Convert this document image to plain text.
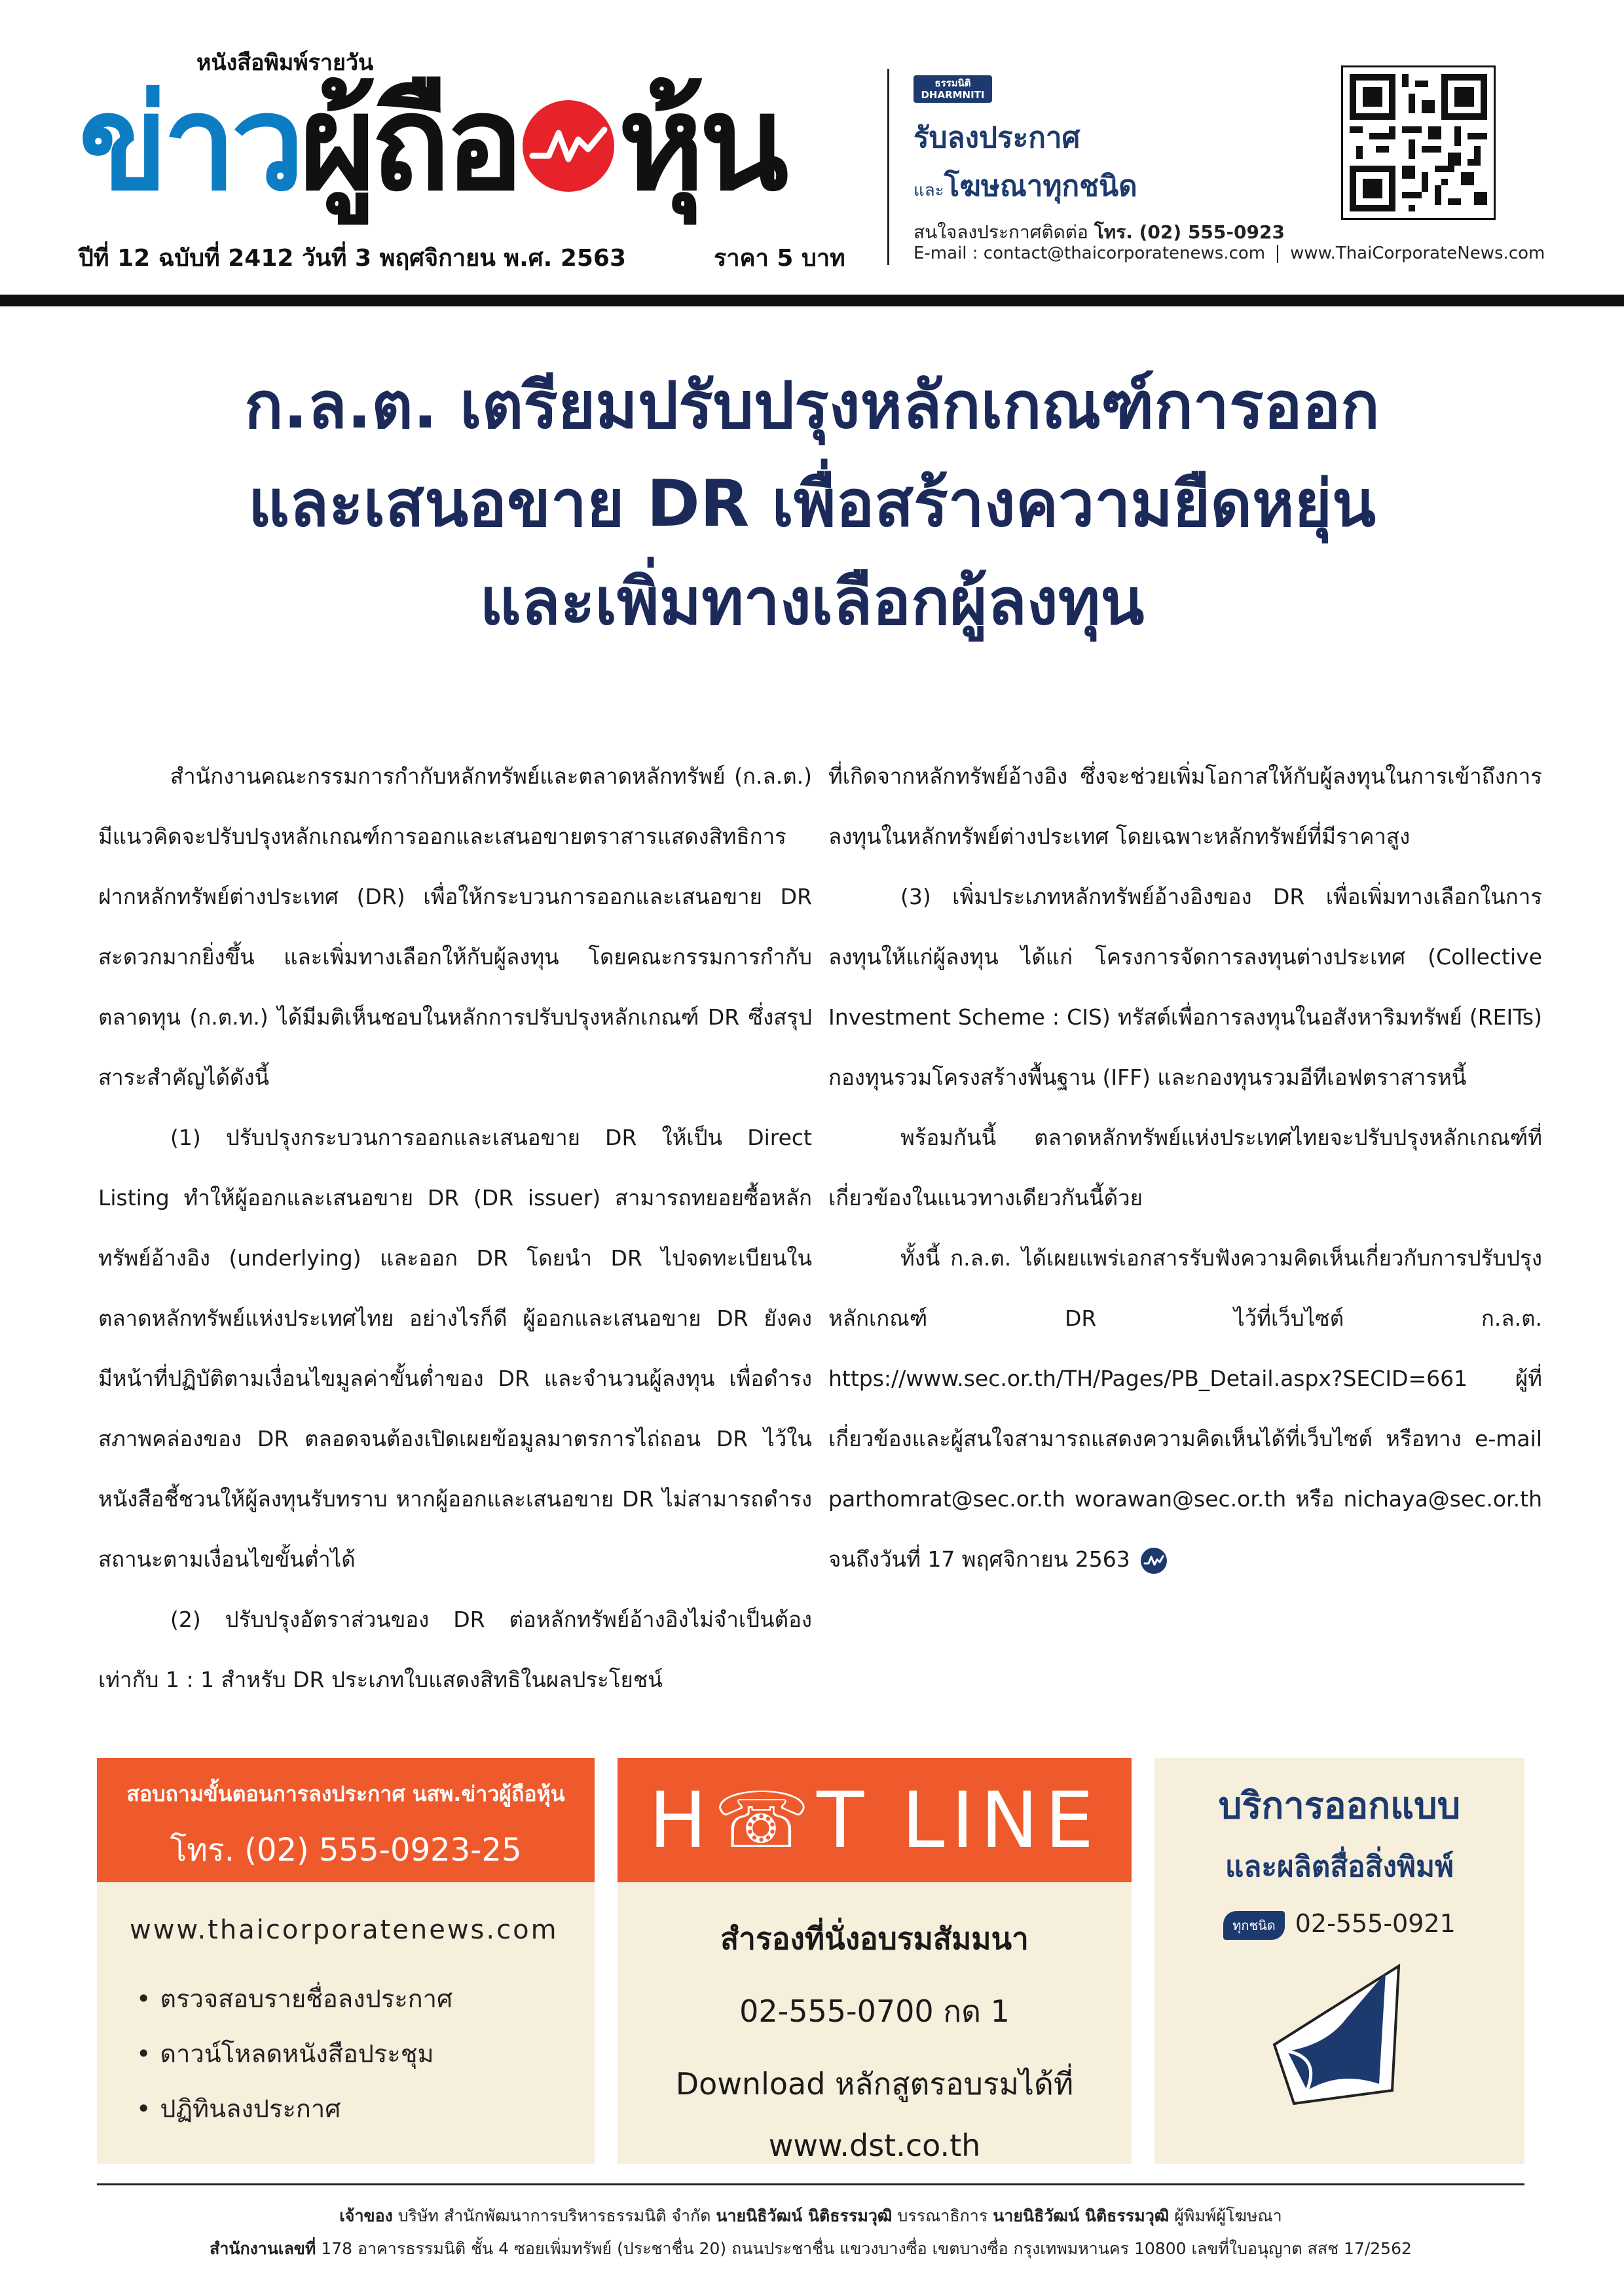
หนังสือพิมพ์รายวัน
ข่าวผู้ถือ หุ้น
ปีที่ 12 ฉบับที่ 2412 วันที่ 3 พฤศจิกายน พ.ศ. 2563	ราคา 5 บาท
ธรรมนิติ
DHARMNITI
รับลงประกาศ
และโฆษณาทุกชนิด
สนใจลงประกาศติดต่อ โทร. (02) 555-0923
E-mail : contact@thaicorporatenews.com www.ThaiCorporateNews.com
ก.ล.ต. เตรียมปรับปรุงหลักเกณฑ์การออก
และเสนอขาย DR เพื่อสร้างความยืดหยุ่น
และเพิ่มทางเลือกผู้ลงทุน

สำนักงานคณะกรรมการกำกับหลักทรัพย์และตลาดหลักทรัพย์ (ก.ล.ต.) มีแนวคิดจะปรับปรุงหลักเกณฑ์การออกและเสนอขายตราสารแสดงสิทธิการฝากหลักทรัพย์ต่างประเทศ (DR) เพื่อให้กระบวนการออกและเสนอขาย DR สะดวกมากยิ่งขึ้น และเพิ่มทางเลือกให้กับผู้ลงทุน โดยคณะกรรมการกำกับตลาดทุน (ก.ต.ท.) ได้มีมติเห็นชอบในหลักการปรับปรุงหลักเกณฑ์ DR ซึ่งสรุปสาระสำคัญได้ดังนี้

(1) ปรับปรุงกระบวนการออกและเสนอขาย DR ให้เป็น Direct Listing ทำให้ผู้ออกและเสนอขาย DR (DR issuer) สามารถทยอยซื้อหลักทรัพย์อ้างอิง (underlying) และออก DR โดยนำ DR ไปจดทะเบียนในตลาดหลักทรัพย์แห่งประเทศไทย อย่างไรก็ดี ผู้ออกและเสนอขาย DR ยังคงมีหน้าที่ปฏิบัติตามเงื่อนไขมูลค่าขั้นต่ำของ DR และจำนวนผู้ลงทุน เพื่อดำรงสภาพคล่องของ DR ตลอดจนต้องเปิดเผยข้อมูลมาตรการไถ่ถอน DR ไว้ในหนังสือชี้ชวนให้ผู้ลงทุนรับทราบ หากผู้ออกและเสนอขาย DR ไม่สามารถดำรงสถานะตามเงื่อนไขขั้นต่ำได้

(2) ปรับปรุงอัตราส่วนของ DR ต่อหลักทรัพย์อ้างอิงไม่จำเป็นต้องเท่ากับ 1 : 1 สำหรับ DR ประเภทใบแสดงสิทธิในผลประโยชน์

ที่เกิดจากหลักทรัพย์อ้างอิง ซึ่งจะช่วยเพิ่มโอกาสให้กับผู้ลงทุนในการเข้าถึงการลงทุนในหลักทรัพย์ต่างประเทศ โดยเฉพาะหลักทรัพย์ที่มีราคาสูง

(3) เพิ่มประเภทหลักทรัพย์อ้างอิงของ DR เพื่อเพิ่มทางเลือกในการลงทุนให้แก่ผู้ลงทุน ได้แก่ โครงการจัดการลงทุนต่างประเทศ (Collective Investment Scheme : CIS) ทรัสต์เพื่อการลงทุนในอสังหาริมทรัพย์ (REITs) กองทุนรวมโครงสร้างพื้นฐาน (IFF) และกองทุนรวมอีทีเอฟตราสารหนี้

พร้อมกันนี้ ตลาดหลักทรัพย์แห่งประเทศไทยจะปรับปรุงหลักเกณฑ์ที่เกี่ยวข้องในแนวทางเดียวกันนี้ด้วย

ทั้งนี้ ก.ล.ต. ได้เผยแพร่เอกสารรับฟังความคิดเห็นเกี่ยวกับการปรับปรุงหลักเกณฑ์ DR ไว้ที่เว็บไซต์ ก.ล.ต. https://www.sec.or.th/TH/Pages/PB_Detail.aspx?SECID=661 ผู้ที่เกี่ยวข้องและผู้สนใจสามารถแสดงความคิดเห็นได้ที่เว็บไซต์ หรือทาง e-mail parthomrat@sec.or.th worawan@sec.or.th หรือ nichaya@sec.or.th จนถึงวันที่ 17 พฤศจิกายน 2563

สอบถามขั้นตอนการลงประกาศ นสพ.ข่าวผู้ถือหุ้น
โทร. (02) 555-0923-25
www.thaicorporatenews.com
• ตรวจสอบรายชื่อลงประกาศ
• ดาวน์โหลดหนังสือประชุม
• ปฏิทินลงประกาศ
H☏T LINE
สำรองที่นั่งอบรมสัมมนา
02-555-0700 กด 1
Download หลักสูตรอบรมได้ที่
www.dst.co.th
บริการออกแบบ
และผลิตสื่อสิ่งพิมพ์
ทุกชนิด 02-555-0921
เจ้าของ บริษัท สำนักพัฒนาการบริหารธรรมนิติ จำกัด นายนิธิวัฒน์ นิติธรรมวุฒิ บรรณาธิการ นายนิธิวัฒน์ นิติธรรมวุฒิ ผู้พิมพ์ผู้โฆษณา
สำนักงานเลขที่ 178 อาคารธรรมนิติ ชั้น 4 ซอยเพิ่มทรัพย์ (ประชาชื่น 20) ถนนประชาชื่น แขวงบางซื่อ เขตบางซื่อ กรุงเทพมหานคร 10800 เลขที่ใบอนุญาต สสช 17/2562
